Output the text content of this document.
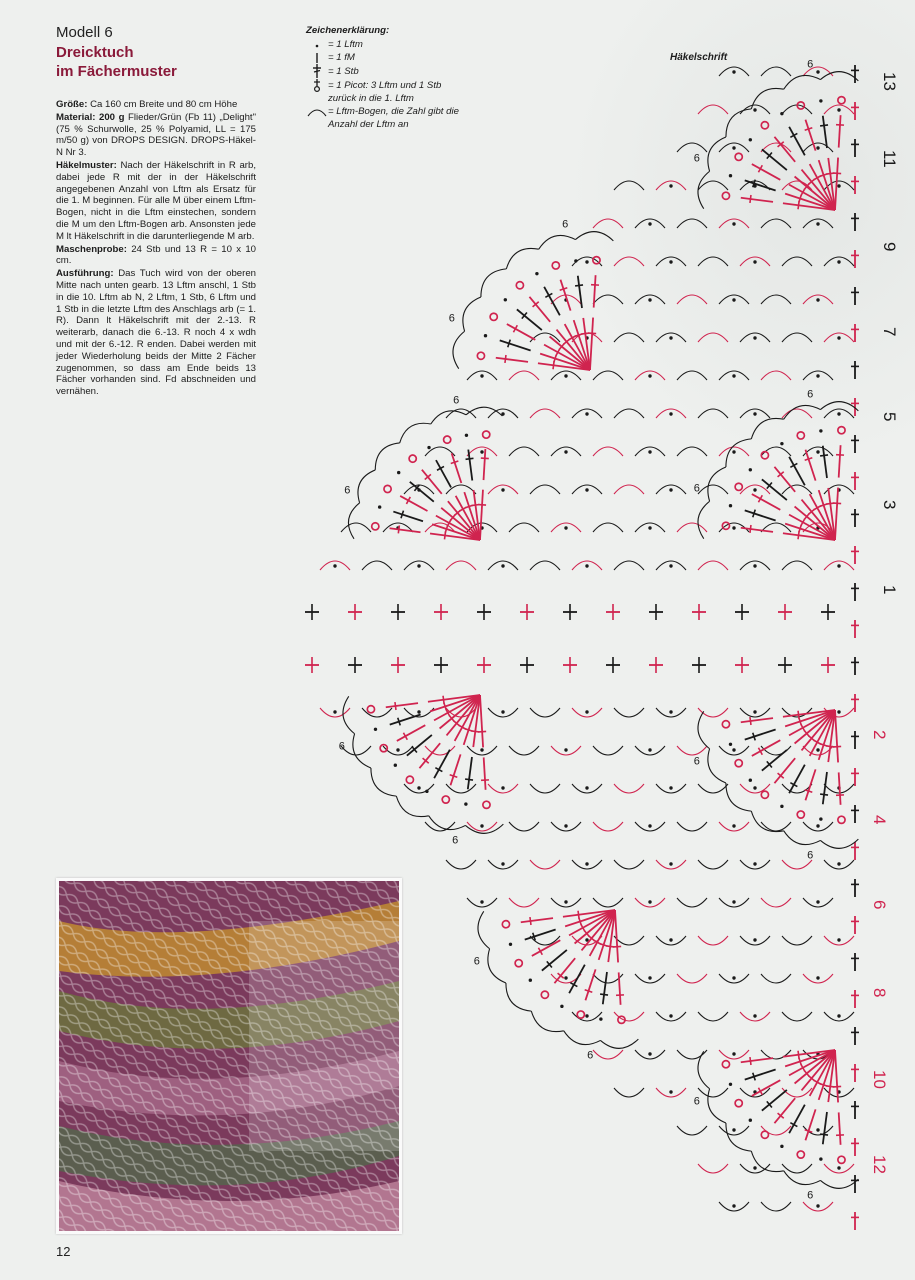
Modell 6
Dreicktuch
im Fächermuster

Größe: Ca 160 cm Breite und 80 cm Höhe

Material: 200 g Flieder/Grün (Fb 11) „Delight" (75 % Schurwolle, 25 % Polyamid, LL = 175 m/50 g) von DROPS DESIGN. DROPS-Häkel-N Nr 3.

Häkelmuster: Nach der Häkelschrift in R arb, dabei jede R mit der in der Häkelschrift angegebenen Anzahl von Lftm als Ersatz für die 1. M beginnen. Für alle M über einem Lftm-Bogen, nicht in die Lftm einstechen, sondern die M um den Lftm-Bogen arb. Ansonsten jede M lt Häkelschrift in die darunterliegende M arb.

Maschenprobe: 24 Stb und 13 R = 10 x 10 cm.

Ausführung: Das Tuch wird von der oberen Mitte nach unten gearb. 13 Lftm anschl, 1 Stb in die 10. Lftm ab N, 2 Lftm, 1 Stb, 6 Lftm und 1 Stb in die letzte Lftm des Anschlags arb (= 1. R). Dann lt Häkelschrift mit der 2.-13. R weiterarb, danach die 6.-13. R noch 4 x wdh und mit der 6.-12. R enden. Dabei werden mit jeder Wiederholung beids der Mitte 2 Fächer zugenommen, so dass am Ende beids 13 Fächer vorhanden sind. Fd abschneiden und vernähen.

Zeichenerklärung:
= 1 Lftm
= 1 fM
= 1 Stb
= 1 Picot: 3 Lftm und 1 Stb
zurück in die 1. Lftm
= Lftm-Bogen, die Zahl gibt die
Anzahl der Lftm an
Häkelschrift
6
6
6
6
6
6
6
6
6
6
6
6
6
6
6
6
13
11
9
7
5
3
1
2
4
6
8
10
12
12
